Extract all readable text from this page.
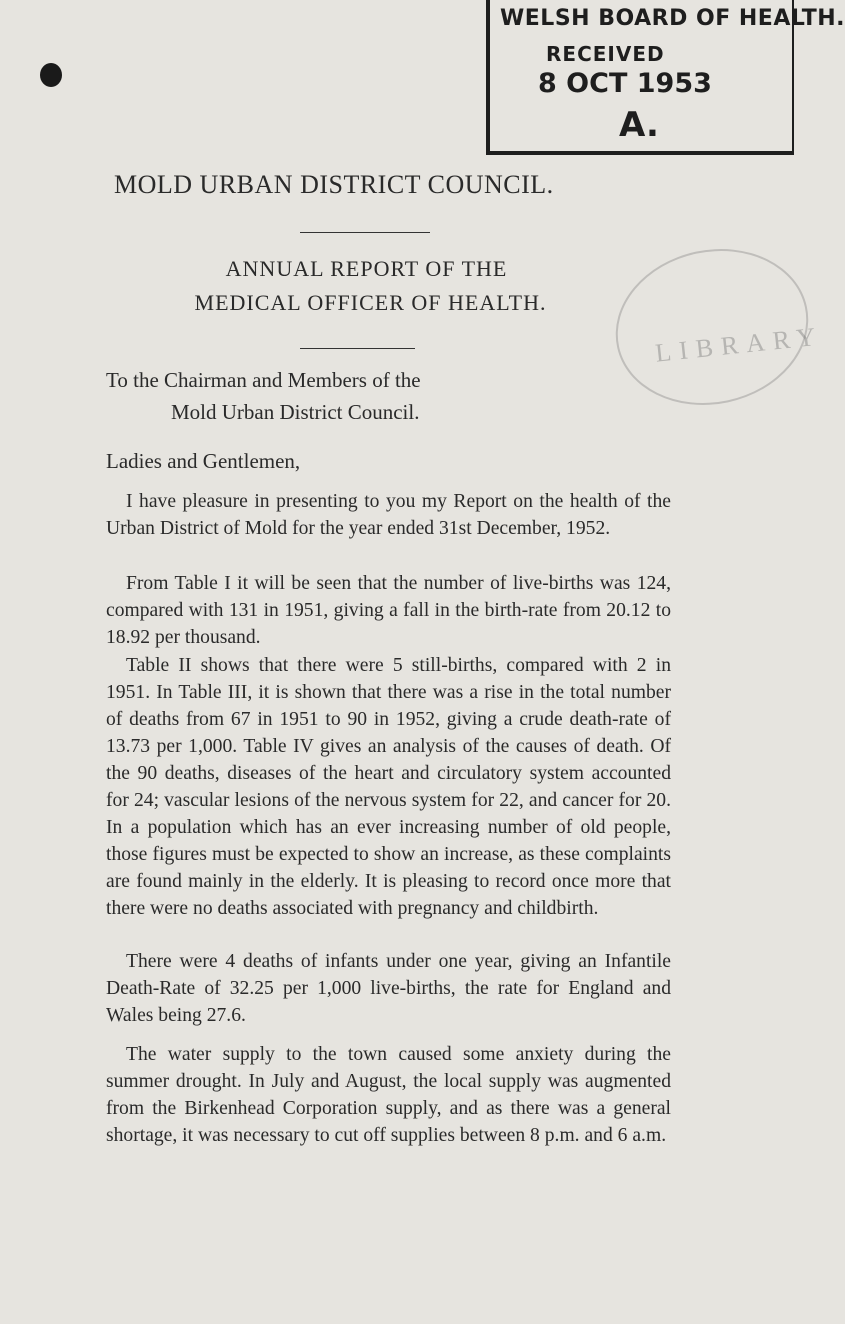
WELSH BOARD OF HEALTH.
RECEIVED
8 OCT 1953
A.
LIBRARY
MOLD URBAN DISTRICT COUNCIL.
ANNUAL REPORT OF THE
MEDICAL OFFICER OF HEALTH.
To the Chairman and Members of the
Mold Urban District Council.
Ladies and Gentlemen,

I have pleasure in presenting to you my Report on the health of the Urban District of Mold for the year ended 31st December, 1952.

From Table I it will be seen that the number of live-births was 124, compared with 131 in 1951, giving a fall in the birth-rate from 20.12 to 18.92 per thousand.

Table II shows that there were 5 still-births, compared with 2 in 1951. In Table III, it is shown that there was a rise in the total number of deaths from 67 in 1951 to 90 in 1952, giving a crude death-rate of 13.73 per 1,000. Table IV gives an analysis of the causes of death. Of the 90 deaths, diseases of the heart and circulatory system accounted for 24; vascular lesions of the nervous system for 22, and cancer for 20. In a population which has an ever increasing number of old people, those figures must be expected to show an increase, as these complaints are found mainly in the elderly. It is pleasing to record once more that there were no deaths associated with pregnancy and childbirth.

There were 4 deaths of infants under one year, giving an Infantile Death-Rate of 32.25 per 1,000 live-births, the rate for England and Wales being 27.6.

The water supply to the town caused some anxiety during the summer drought. In July and August, the local supply was augmented from the Birkenhead Corporation supply, and as there was a general shortage, it was necessary to cut off supplies between 8 p.m. and 6 a.m.
